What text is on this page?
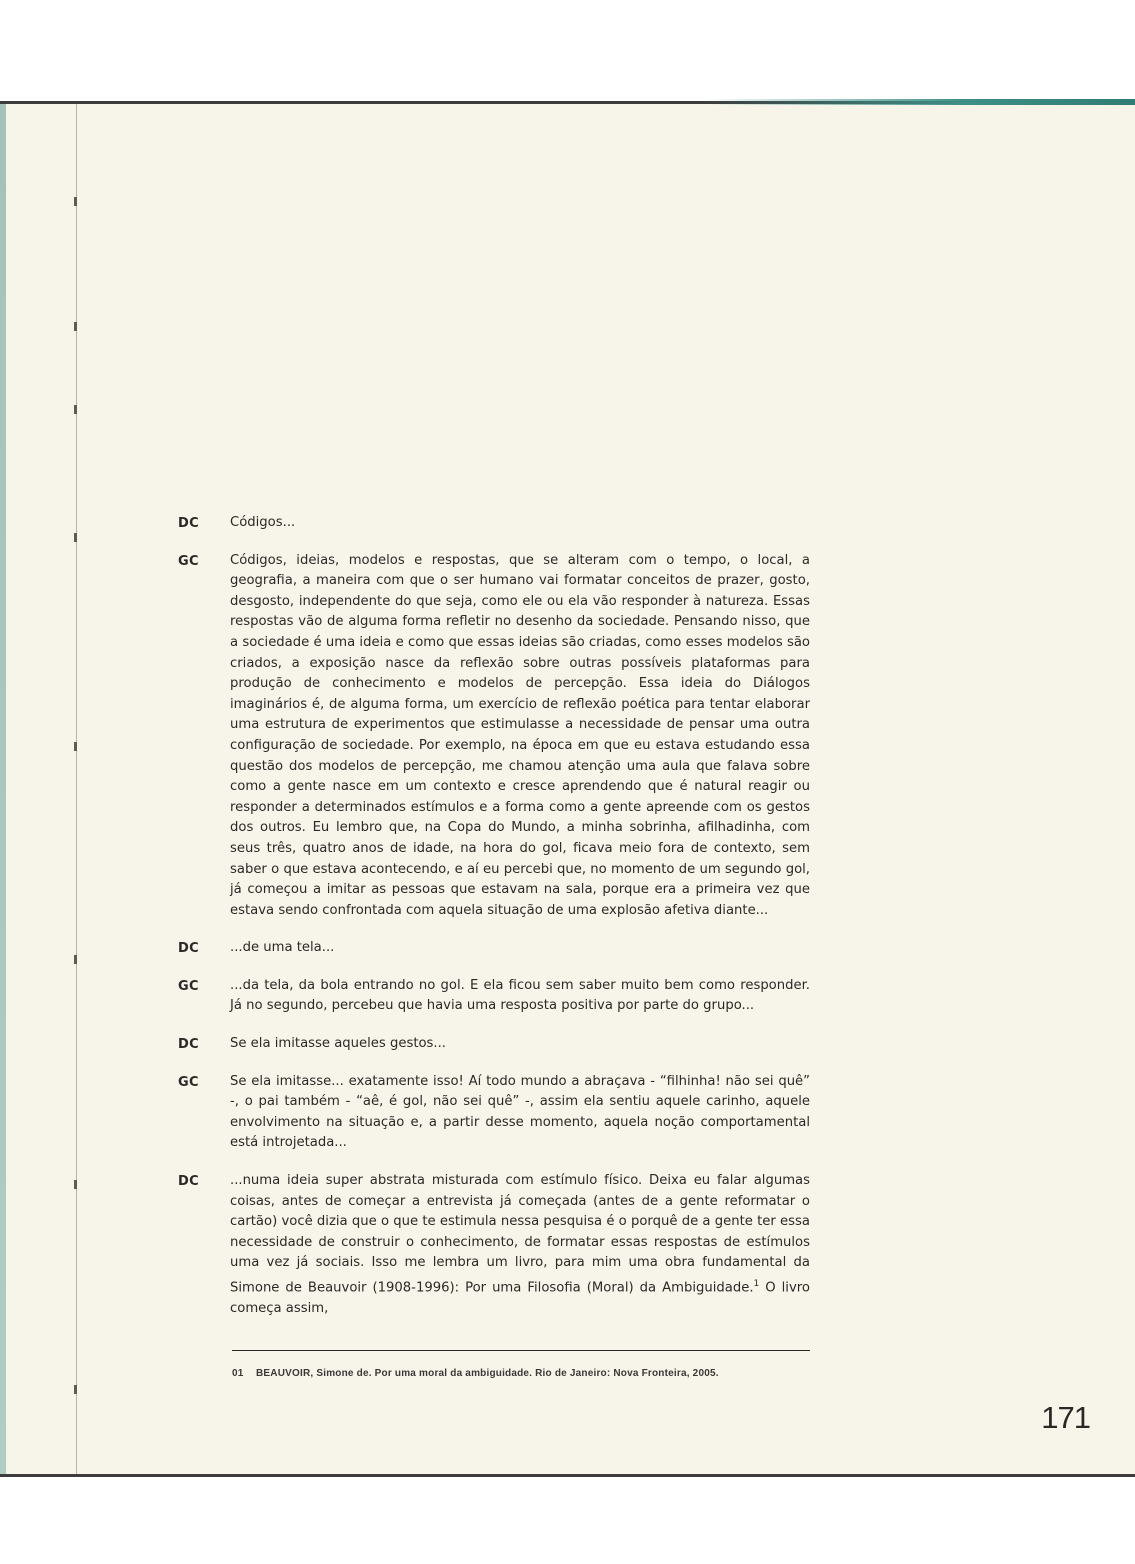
DC	Códigos...
GC	Códigos, ideias, modelos e respostas, que se alteram com o tempo, o local, a geografia, a maneira com que o ser humano vai formatar conceitos de prazer, gosto, desgosto, independente do que seja, como ele ou ela vão responder à natureza. Essas respostas vão de alguma forma refletir no desenho da sociedade. Pensando nisso, que a sociedade é uma ideia e como que essas ideias são criadas, como esses modelos são criados, a exposição nasce da reflexão sobre outras possíveis plataformas para produção de conhecimento e modelos de percepção. Essa ideia do Diálogos imaginários é, de alguma forma, um exercício de reflexão poética para tentar elaborar uma estrutura de experimentos que estimulasse a necessidade de pensar uma outra configuração de sociedade. Por exemplo, na época em que eu estava estudando essa questão dos modelos de percepção, me chamou atenção uma aula que falava sobre como a gente nasce em um contexto e cresce aprendendo que é natural reagir ou responder a determinados estímulos e a forma como a gente apreende com os gestos dos outros. Eu lembro que, na Copa do Mundo, a minha sobrinha, afilhadinha, com seus três, quatro anos de idade, na hora do gol, ficava meio fora de contexto, sem saber o que estava acontecendo, e aí eu percebi que, no momento de um segundo gol, já começou a imitar as pessoas que estavam na sala, porque era a primeira vez que estava sendo confrontada com aquela situação de uma explosão afetiva diante...
DC	...de uma tela...
GC	...da tela, da bola entrando no gol. E ela ficou sem saber muito bem como responder. Já no segundo, percebeu que havia uma resposta positiva por parte do grupo...
DC	Se ela imitasse aqueles gestos...
GC	Se ela imitasse... exatamente isso! Aí todo mundo a abraçava - “filhinha! não sei quê” -, o pai também - “aê, é gol, não sei quê” -, assim ela sentiu aquele carinho, aquele envolvimento na situação e, a partir desse momento, aquela noção comportamental está introjetada...
DC	...numa ideia super abstrata misturada com estímulo físico. Deixa eu falar algumas coisas, antes de começar a entrevista já começada (antes de a gente reformatar o cartão) você dizia que o que te estimula nessa pesquisa é o porquê de a gente ter essa necessidade de construir o conhecimento, de formatar essas respostas de estímulos uma vez já sociais. Isso me lembra um livro, para mim uma obra fundamental da Simone de Beauvoir (1908-1996): Por uma Filosofia (Moral) da Ambiguidade.$^1$ O livro começa assim,
01 BEAUVOIR, Simone de. Por uma moral da ambiguidade. Rio de Janeiro: Nova Fronteira, 2005.
171
